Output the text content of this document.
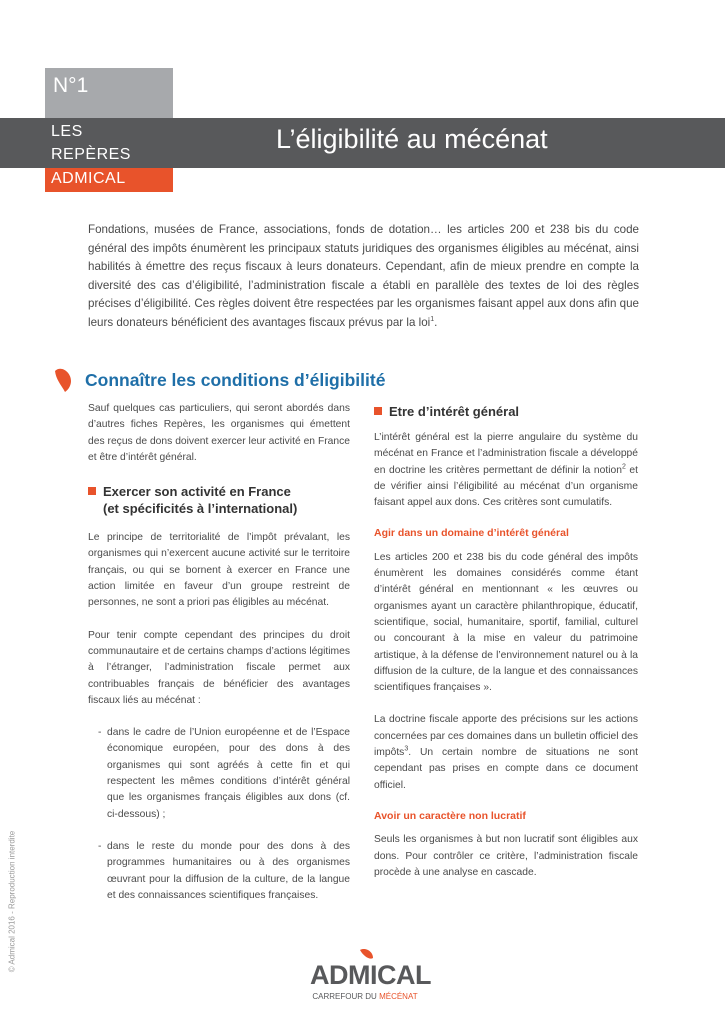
N°1
LES
REPÈRES
ADMICAL
L’éligibilité au mécénat
Fondations, musées de France, associations, fonds de dotation… les articles 200 et 238 bis du code général des impôts énumèrent les principaux statuts juridiques des organismes éligibles au mécénat, ainsi habilités à émettre des reçus fiscaux à leurs donateurs. Cependant, afin de mieux prendre en compte la diversité des cas d’éligibilité, l’administration fiscale a établi en parallèle des textes de loi des règles précises d’éligibilité. Ces règles doivent être respectées par les organismes faisant appel aux dons afin que leurs donateurs bénéficient des avantages fiscaux prévus par la loi$^1$.
Connaître les conditions d’éligibilité

Sauf quelques cas particuliers, qui seront abordés dans d’autres fiches Repères, les organismes qui émettent des reçus de dons doivent exercer leur activité en France et être d’intérêt général.

Exercer son activité en France
(et spécificités à l’international)

Le principe de territorialité de l’impôt prévalant, les organismes qui n’exercent aucune activité sur le territoire français, ou qui se bornent à exercer en France une action limitée en faveur d’un groupe restreint de personnes, ne sont a priori pas éligibles au mécénat.

Pour tenir compte cependant des principes du droit communautaire et de certains champs d’actions légitimes à l’étranger, l’administration fiscale permet aux contribuables français de bénéficier des avantages fiscaux liés au mécénat :

- dans le cadre de l’Union européenne et de l’Espace économique européen, pour des dons à des organismes qui sont agréés à cette fin et qui respectent les mêmes conditions d’intérêt général que les organismes français éligibles aux dons (cf. ci-dessous) ;
- dans le reste du monde pour des dons à des programmes humanitaires ou à des organismes œuvrant pour la diffusion de la culture, de la langue et des connaissances scientifiques françaises.
Etre d’intérêt général

L’intérêt général est la pierre angulaire du système du mécénat en France et l’administration fiscale a développé en doctrine les critères permettant de définir la notion$^2$ et de vérifier ainsi l’éligibilité au mécénat d’un organisme faisant appel aux dons. Ces critères sont cumulatifs.

Agir dans un domaine d’intérêt général

Les articles 200 et 238 bis du code général des impôts énumèrent les domaines considérés comme étant d’intérêt général en mentionnant « les œuvres ou organismes ayant un caractère philanthropique, éducatif, scientifique, social, humanitaire, sportif, familial, culturel ou concourant à la mise en valeur du patrimoine artistique, à la défense de l’environnement naturel ou à la diffusion de la culture, de la langue et des connaissances scientifiques françaises ».

La doctrine fiscale apporte des précisions sur les actions concernées par ces domaines dans un bulletin officiel des impôts$^3$. Un certain nombre de situations ne sont cependant pas prises en compte dans ce document officiel.

Avoir un caractère non lucratif

Seuls les organismes à but non lucratif sont éligibles aux dons. Pour contrôler ce critère, l’administration fiscale procède à une analyse en cascade.

© Admical 2016 - Reproduction interdite
ADMICAL
CARREFOUR DU MÉCÉNAT
